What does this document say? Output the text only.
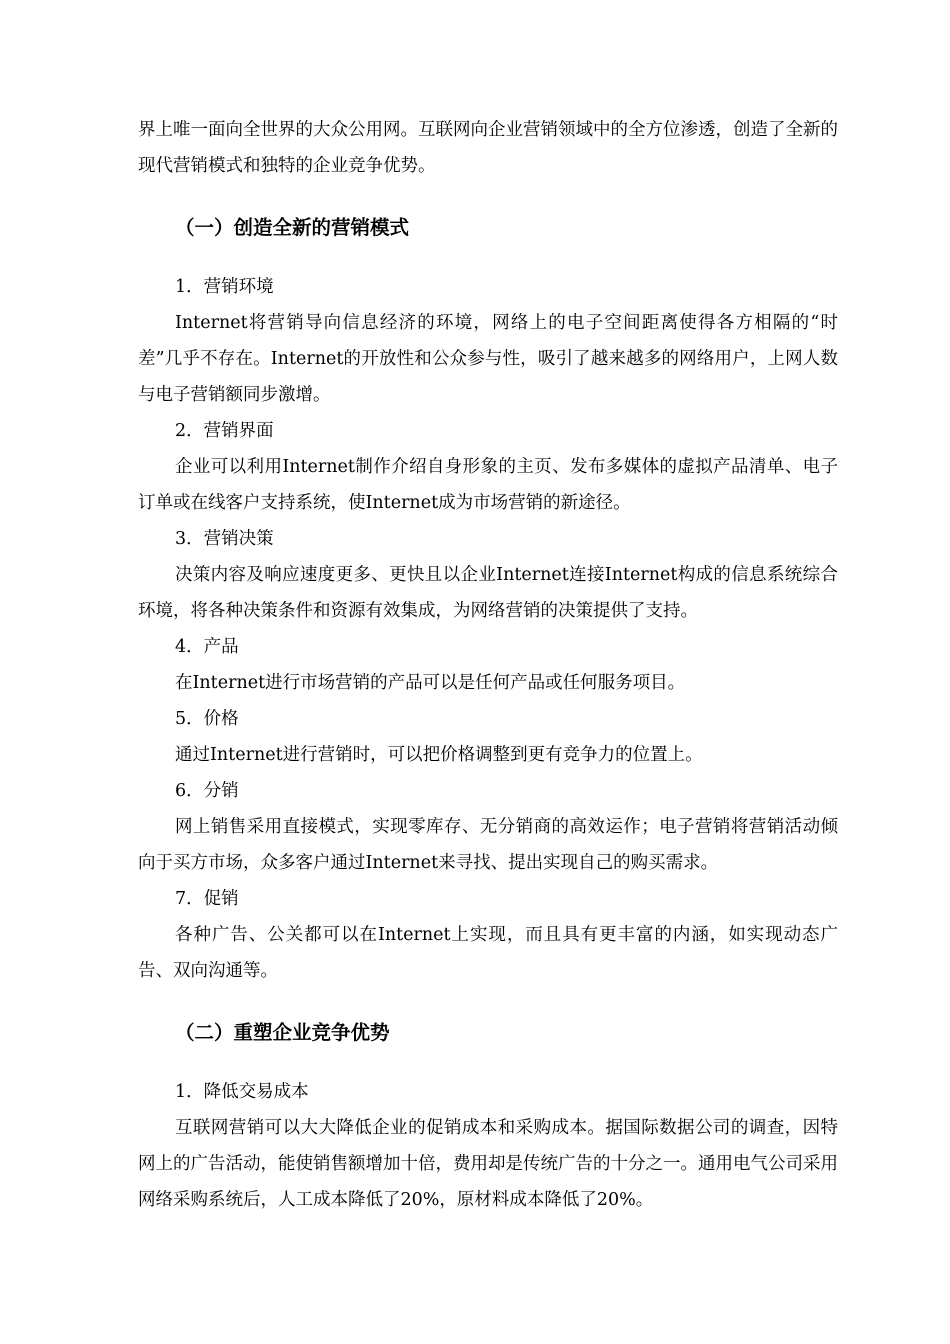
界上唯一面向全世界的大众公用网。互联网向企业营销领域中的全方位渗透，创造了全新的现代营销模式和独特的企业竞争优势。

（一）创造全新的营销模式

1．营销环境

Internet将营销导向信息经济的环境，网络上的电子空间距离使得各方相隔的“时差”几乎不存在。Internet的开放性和公众参与性，吸引了越来越多的网络用户，上网人数与电子营销额同步激增。

2．营销界面

企业可以利用Internet制作介绍自身形象的主页、发布多媒体的虚拟产品清单、电子订单或在线客户支持系统，使Internet成为市场营销的新途径。

3．营销决策

决策内容及响应速度更多、更快且以企业Internet连接Internet构成的信息系统综合环境，将各种决策条件和资源有效集成，为网络营销的决策提供了支持。

4．产品

在Internet进行市场营销的产品可以是任何产品或任何服务项目。

5．价格

通过Internet进行营销时，可以把价格调整到更有竞争力的位置上。

6．分销

网上销售采用直接模式，实现零库存、无分销商的高效运作；电子营销将营销活动倾向于买方市场，众多客户通过Internet来寻找、提出实现自己的购买需求。

7．促销

各种广告、公关都可以在Internet上实现，而且具有更丰富的内涵，如实现动态广告、双向沟通等。

（二）重塑企业竞争优势

1．降低交易成本

互联网营销可以大大降低企业的促销成本和采购成本。据国际数据公司的调查，因特网上的广告活动，能使销售额增加十倍，费用却是传统广告的十分之一。通用电气公司采用网络采购系统后，人工成本降低了20%，原材料成本降低了20%。
